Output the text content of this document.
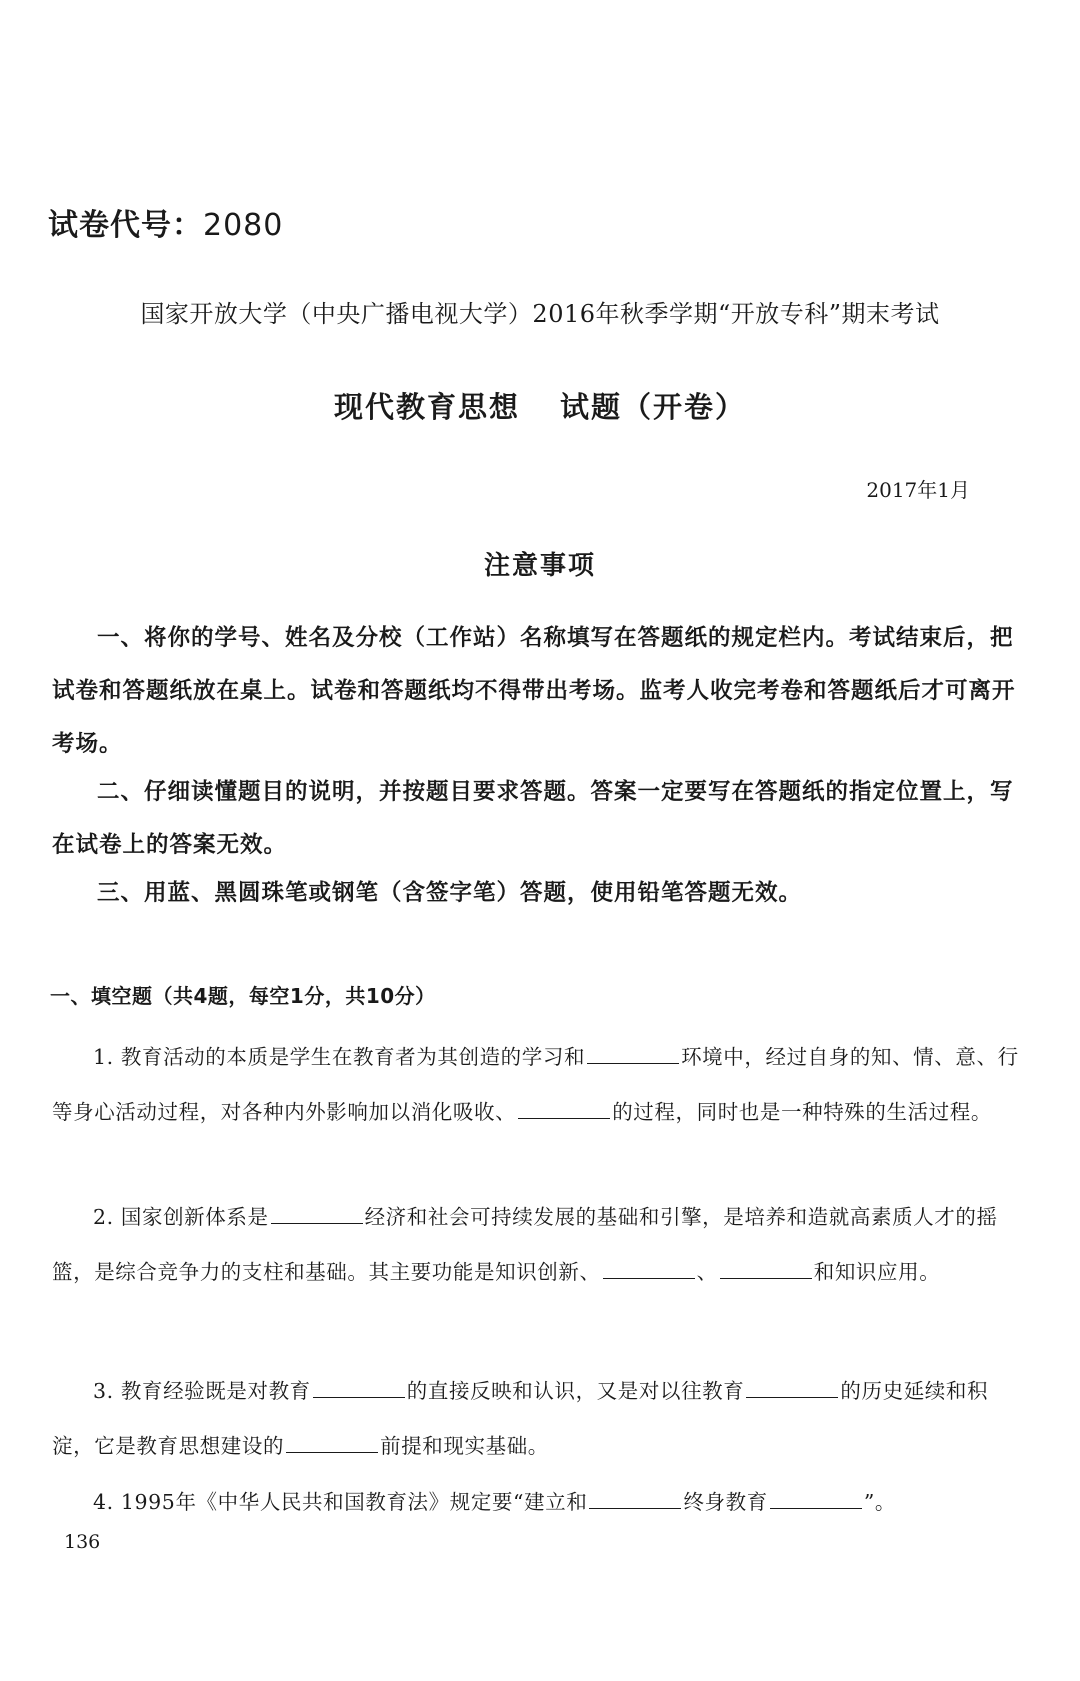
试卷代号：2080
国家开放大学（中央广播电视大学）2016年秋季学期“开放专科”期末考试
现代教育思想 试题（开卷）
2017年1月
注意事项

一、将你的学号、姓名及分校（工作站）名称填写在答题纸的规定栏内。考试结束后，把试卷和答题纸放在桌上。试卷和答题纸均不得带出考场。监考人收完考卷和答题纸后才可离开考场。

二、仔细读懂题目的说明，并按题目要求答题。答案一定要写在答题纸的指定位置上，写在试卷上的答案无效。

三、用蓝、黑圆珠笔或钢笔（含签字笔）答题，使用铅笔答题无效。

一、填空题（共4题，每空1分，共10分）

1. 教育活动的本质是学生在教育者为其创造的学习和	环境中，经过自身的知、情、意、行等身心活动过程，对各种内外影响加以消化吸收、	的过程，同时也是一种特殊的生活过程。

2. 国家创新体系是	经济和社会可持续发展的基础和引擎，是培养和造就高素质人才的摇篮，是综合竞争力的支柱和基础。其主要功能是知识创新、	、	和知识应用。

3. 教育经验既是对教育	的直接反映和认识，又是对以往教育	的历史延续和积淀，它是教育思想建设的	前提和现实基础。

4. 1995年《中华人民共和国教育法》规定要“建立和	终身教育	”。

136
